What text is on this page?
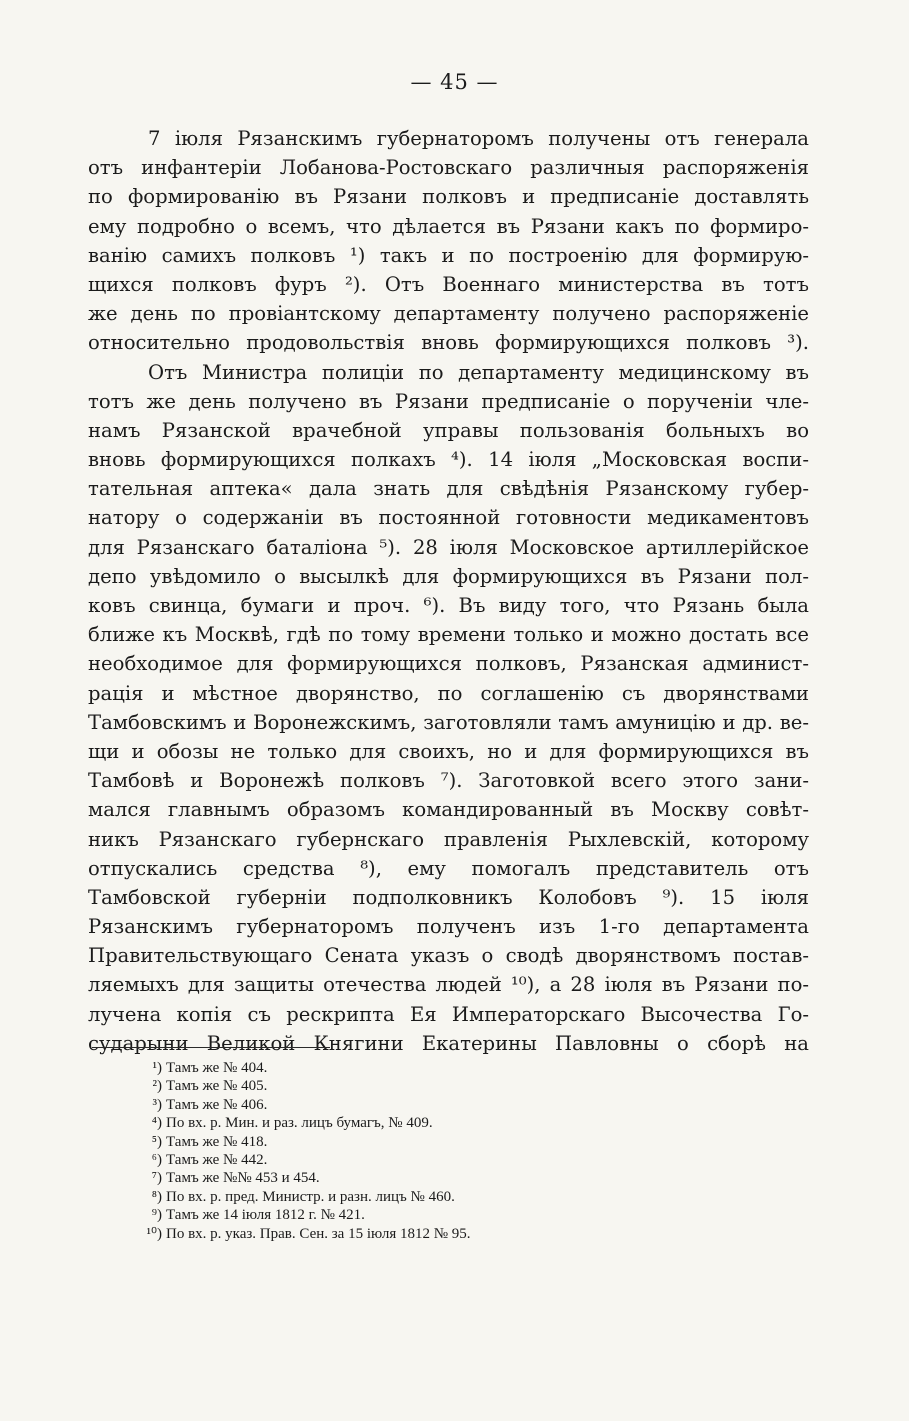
— 45 —
7 іюля Рязанскимъ губернаторомъ получены отъ генерала
отъ инфантеріи Лобанова-Ростовскаго различныя распоряженія
по формированію въ Рязани полковъ и предписаніе доставлять
ему подробно о всемъ, что дѣлается въ Рязани какъ по формиро-
ванію самихъ полковъ ¹) такъ и по построенію для формирую-
щихся полковъ фуръ ²). Отъ Военнаго министерства въ тотъ
же день по провіантскому департаменту получено распоряженіе
относительно продовольствія вновь формирующихся полковъ ³).
Отъ Министра полиціи по департаменту медицинскому въ
тотъ же день получено въ Рязани предписаніе о порученіи чле-
намъ Рязанской врачебной управы пользованія больныхъ во
вновь формирующихся полкахъ ⁴). 14 іюля „Московская воспи-
тательная аптека« дала знать для свѣдѣнія Рязанскому губер-
натору о содержаніи въ постоянной готовности медикаментовъ
для Рязанскаго баталіона ⁵). 28 іюля Московское артиллерійское
депо увѣдомило о высылкѣ для формирующихся въ Рязани пол-
ковъ свинца, бумаги и проч. ⁶). Въ виду того, что Рязань была
ближе къ Москвѣ, гдѣ по тому времени только и можно достать все
необходимое для формирующихся полковъ, Рязанская админист-
рація и мѣстное дворянство, по соглашенію съ дворянствами
Тамбовскимъ и Воронежскимъ, заготовляли тамъ амуницію и др. ве-
щи и обозы не только для своихъ, но и для формирующихся въ
Тамбовѣ и Воронежѣ полковъ ⁷). Заготовкой всего этого зани-
мался главнымъ образомъ командированный въ Москву совѣт-
никъ Рязанскаго губернскаго правленія Рыхлевскій, которому
отпускались средства ⁸), ему помогалъ представитель отъ
Тамбовской губерніи подполковникъ Колобовъ ⁹). 15 іюля
Рязанскимъ губернаторомъ полученъ изъ 1-го департамента
Правительствующаго Сената указъ о сводѣ дворянствомъ постав-
ляемыхъ для защиты отечества людей ¹⁰), а 28 іюля въ Рязани по-
лучена копія съ рескрипта Ея Императорскаго Высочества Го-
сударыни Великой Княгини Екатерины Павловны о сборѣ на
¹) Тамъ же № 404.
²) Тамъ же № 405.
³) Тамъ же № 406.
⁴) По вх. р. Мин. и раз. лицъ бумагъ, № 409.
⁵) Тамъ же № 418.
⁶) Тамъ же № 442.
⁷) Тамъ же №№ 453 и 454.
⁸) По вх. р. пред. Министр. и разн. лицъ № 460.
⁹) Тамъ же 14 іюля 1812 г. № 421.
¹⁰) По вх. р. указ. Прав. Сен. за 15 іюля 1812 № 95.
